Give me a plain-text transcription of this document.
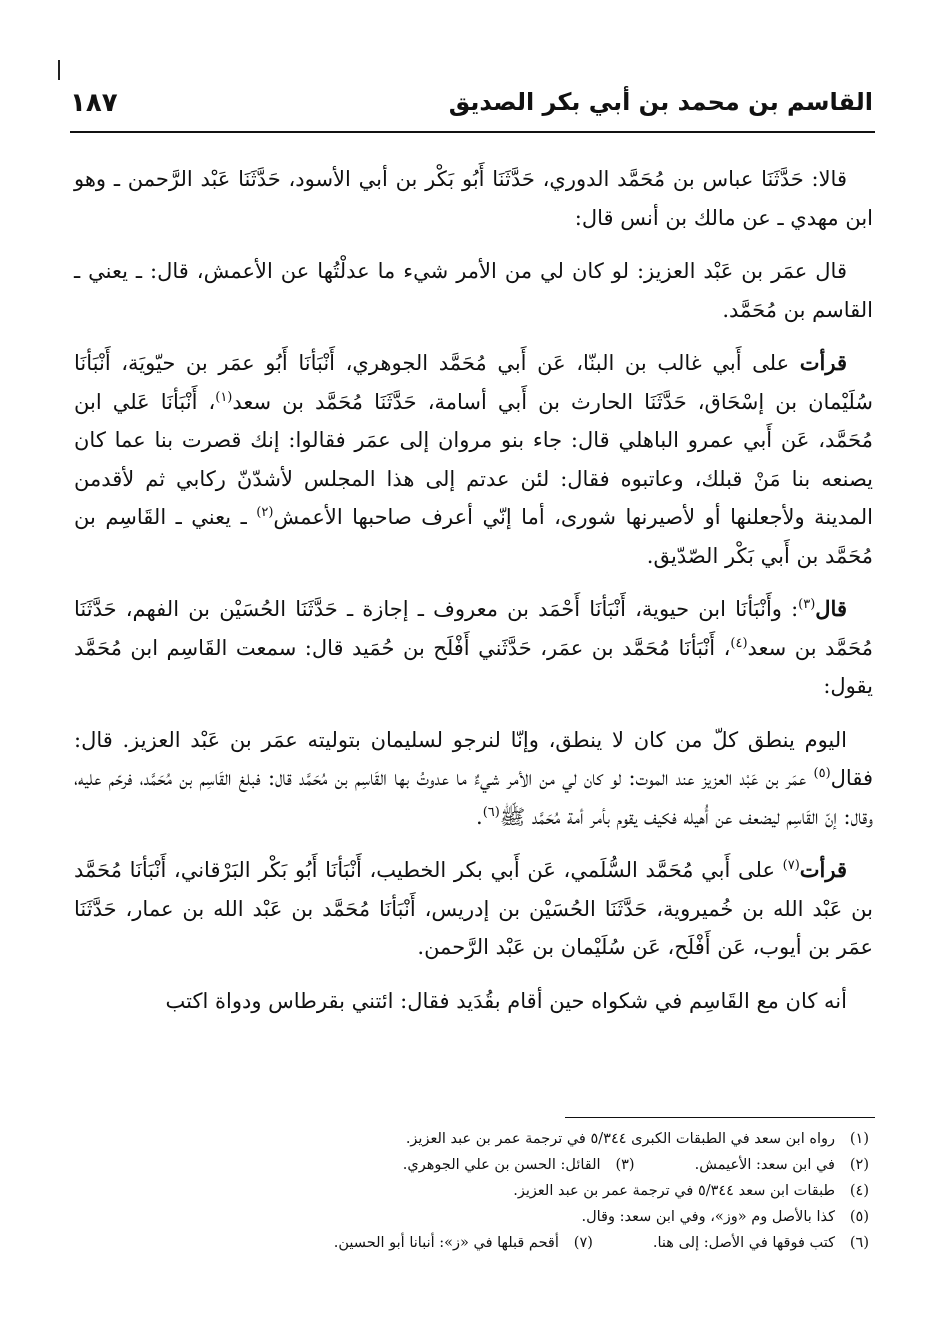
١٨٧	القاسم بن محمد بن أبي بكر الصديق

قالا: حَدَّثَنَا عباس بن مُحَمَّد الدوري، حَدَّثَنَا أَبُو بَكْر بن أبي الأسود، حَدَّثَنَا عَبْد الرَّحمن ـ وهو ابن مهدي ـ عن مالك بن أنس قال:

قال عمَر بن عَبْد العزيز: لو كان لي من الأمر شيء ما عدلْتُها عن الأعمش، قال: ـ يعني ـ القاسم بن مُحَمَّد.

قرأت على أَبي غالب بن البنّا، عَن أَبي مُحَمَّد الجوهري، أَنْبَأنَا أَبُو عمَر بن حيّويَة، أَنْبَأنَا سُلَيْمان بن إسْحَاق، حَدَّثَنَا الحارث بن أَبي أسامة، حَدَّثَنَا مُحَمَّد بن سعد$^{(١)}$، أَنْبَأنَا عَلي ابن مُحَمَّد، عَن أَبي عمرو الباهلي قال: جاء بنو مروان إلى عمَر فقالوا: إنك قصرت بنا عما كان يصنعه بنا مَنْ قبلك، وعاتبوه فقال: لئن عدتم إلى هذا المجلس لأشدّنّ ركابي ثم لأقدمن المدينة ولأجعلنها أو لأصيرنها شورى، أما إنّي أعرف صاحبها الأعمش$^{(٢)}$ ـ يعني ـ القَاسِم بن مُحَمَّد بن أَبي بَكْر الصّدّيق.

قال$^{(٣)}$: وأَنْبَأنَا ابن حيوية، أَنْبَأنَا أَحْمَد بن معروف ـ إجازة ـ حَدَّثَنَا الحُسَيْن بن الفهم، حَدَّثَنَا مُحَمَّد بن سعد$^{(٤)}$، أَنْبَأنَا مُحَمَّد بن عمَر، حَدَّثَني أَفْلَح بن حُمَيد قال: سمعت القَاسِم ابن مُحَمَّد يقول:

اليوم ينطق كلّ من كان لا ينطق، وإنّا لنرجو لسليمان بتوليته عمَر بن عَبْد العزيز. قال: فقال$^{(٥)}$ عمَر بن عَبْد العزيز عند الموت: لو كان لي من الأمر شيءٌ ما عدوتُ بها القَاسِم بن مُحَمَّد قال: فبلغ القَاسِم بن مُحَمَّد، فرحّم عليه، وقال: إنّ القَاسِم ليضعف عن أُهيله فكيف يقوم بأمر أمة مُحَمَّد ﷺ$^{(٦)}$.

قرأت$^{(٧)}$ على أَبي مُحَمَّد السُّلَمي، عَن أَبي بكر الخطيب، أَنْبَأنَا أَبُو بَكْر البَرْقاني، أَنْبَأنَا مُحَمَّد بن عَبْد الله بن خُميروية، حَدَّثَنَا الحُسَيْن بن إدريس، أَنْبَأنَا مُحَمَّد بن عَبْد الله بن عمار، حَدَّثَنَا عمَر بن أيوب، عَن أَفْلَح، عَن سُلَيْمان بن عَبْد الرَّحمن.

أنه كان مع القَاسِم في شكواه حين أقام بقُدَيد فقال: ائتني بقرطاس ودواة اكتب

(١)رواه ابن سعد في الطبقات الكبرى ٥/٣٤٤ في ترجمة عمر بن عبد العزيز.
(٢)في ابن سعد: الأعيمش.
(٣)القائل: الحسن بن علي الجوهري.
(٤)طبقات ابن سعد ٥/٣٤٤ في ترجمة عمر بن عبد العزيز.
(٥)كذا بالأصل وم «وز»، وفي ابن سعد: وقال.
(٦)كتب فوقها في الأصل: إلى هنا.
(٧)أقحم قبلها في «ز»: أنبانا أبو الحسين.
